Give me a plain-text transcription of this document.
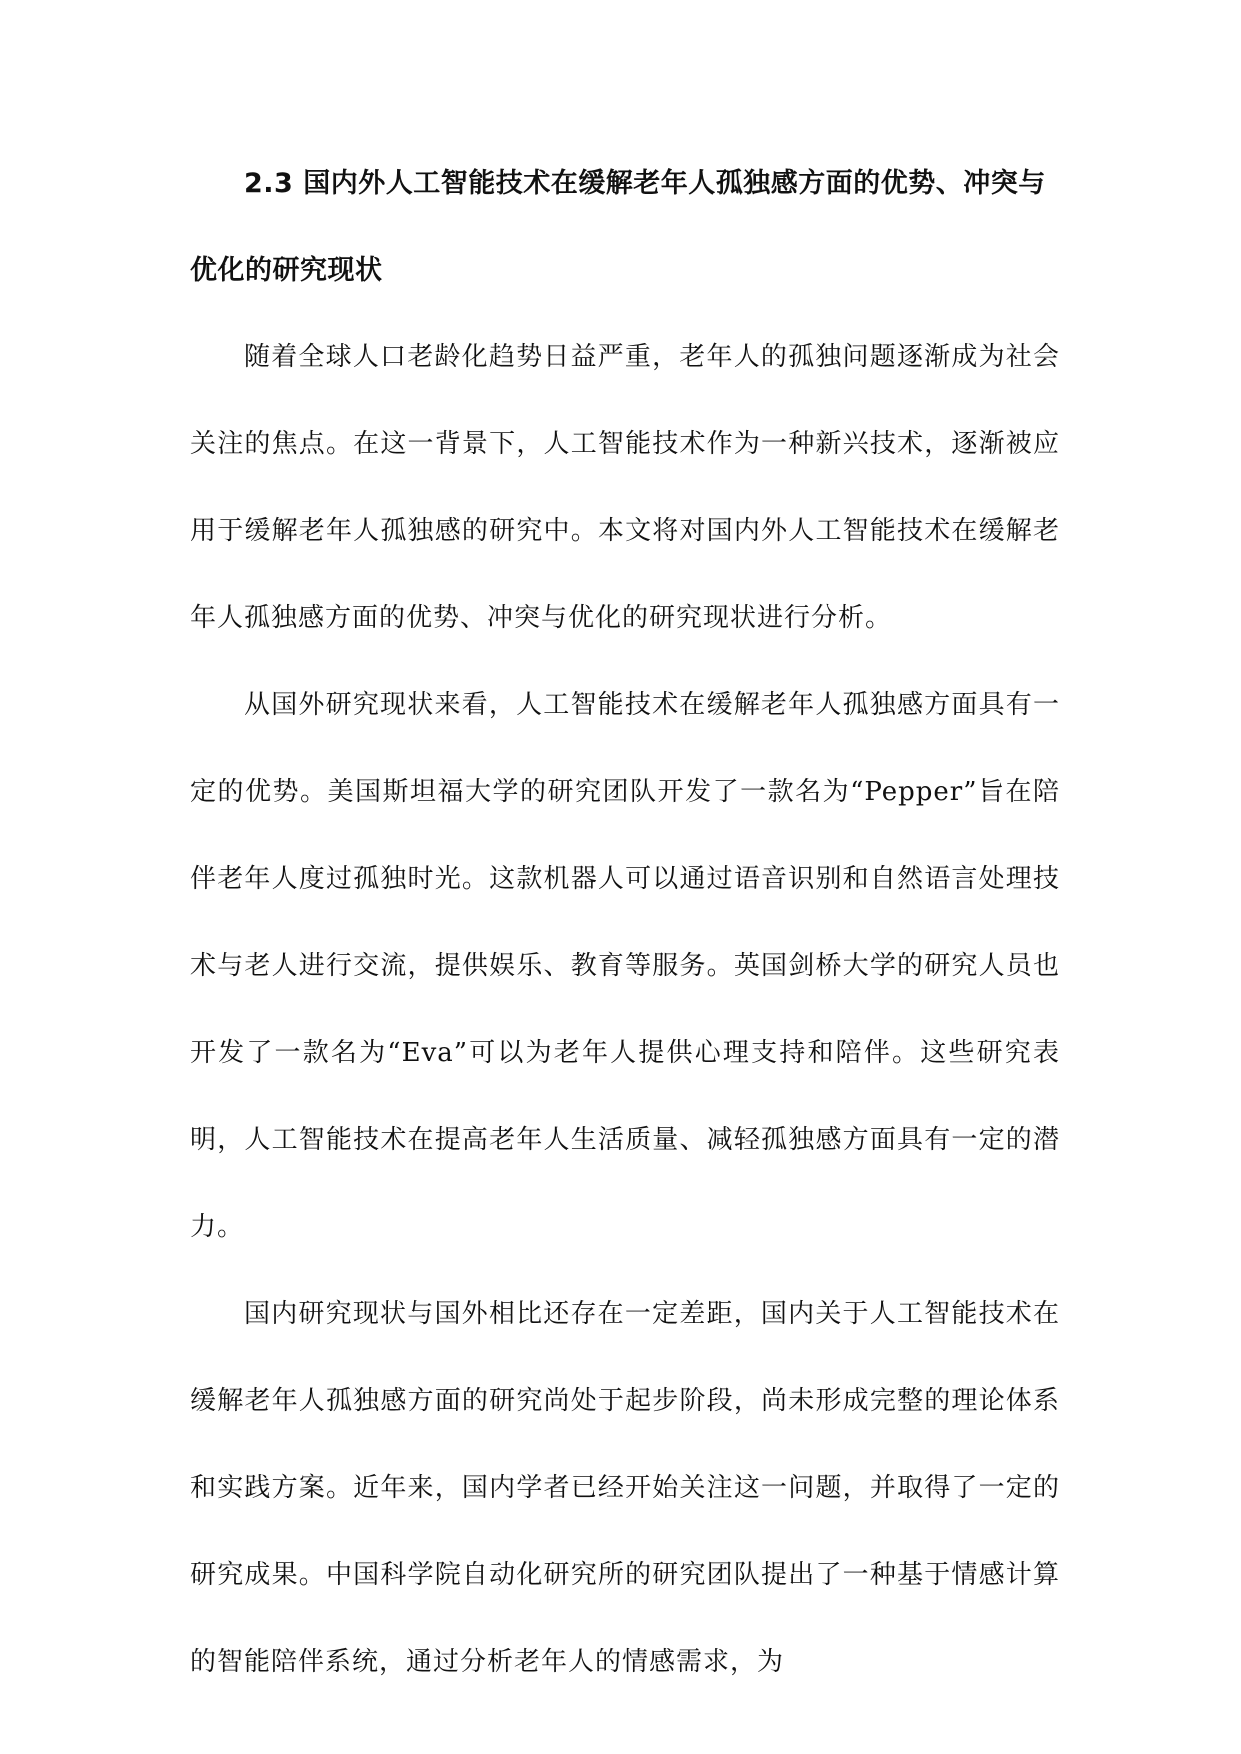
2.3 国内外人工智能技术在缓解老年人孤独感方面的优势、冲突与优化的研究现状

随着全球人口老龄化趋势日益严重，老年人的孤独问题逐渐成为社会关注的焦点。在这一背景下，人工智能技术作为一种新兴技术，逐渐被应用于缓解老年人孤独感的研究中。本文将对国内外人工智能技术在缓解老年人孤独感方面的优势、冲突与优化的研究现状进行分析。

从国外研究现状来看，人工智能技术在缓解老年人孤独感方面具有一定的优势。美国斯坦福大学的研究团队开发了一款名为“Pepper”旨在陪伴老年人度过孤独时光。这款机器人可以通过语音识别和自然语言处理技术与老人进行交流，提供娱乐、教育等服务。英国剑桥大学的研究人员也开发了一款名为“Eva”可以为老年人提供心理支持和陪伴。这些研究表明，人工智能技术在提高老年人生活质量、减轻孤独感方面具有一定的潜力。

国内研究现状与国外相比还存在一定差距，国内关于人工智能技术在缓解老年人孤独感方面的研究尚处于起步阶段，尚未形成完整的理论体系和实践方案。近年来，国内学者已经开始关注这一问题，并取得了一定的研究成果。中国科学院自动化研究所的研究团队提出了一种基于情感计算的智能陪伴系统，通过分析老年人的情感需求，为
